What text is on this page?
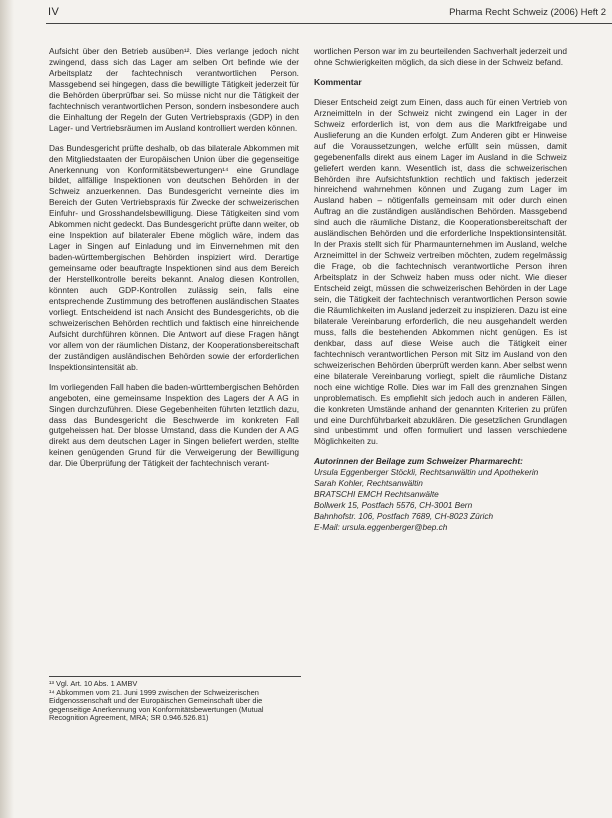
IV	Pharma Recht Schweiz (2006) Heft 2

Aufsicht über den Betrieb ausüben¹². Dies verlange jedoch nicht zwingend, dass sich das Lager am selben Ort befinde wie der Arbeitsplatz der fachtechnisch verantwortlichen Person. Massgebend sei hingegen, dass die bewilligte Tätigkeit jederzeit für die Behörden überprüfbar sei. So müsse nicht nur die Tätigkeit der fachtechnisch verantwortlichen Person, sondern insbesondere auch die Einhaltung der Regeln der Guten Vertriebspraxis (GDP) in den Lager- und Vertriebsräumen im Ausland kontrolliert werden können.

Das Bundesgericht prüfte deshalb, ob das bilaterale Abkommen mit den Mitgliedstaaten der Europäischen Union über die gegenseitige Anerkennung von Konformitätsbewertungen¹⁴ eine Grundlage bildet, allfällige Inspektionen von deutschen Behörden in der Schweiz anzuerkennen. Das Bundesgericht verneinte dies im Bereich der Guten Vertriebspraxis für Zwecke der schweizerischen Einfuhr- und Grosshandelsbewilligung. Diese Tätigkeiten sind vom Abkommen nicht gedeckt. Das Bundesgericht prüfte dann weiter, ob eine Inspektion auf bilateraler Ebene möglich wäre, indem das Lager in Singen auf Einladung und im Einvernehmen mit den baden-württembergischen Behörden inspiziert wird. Derartige gemeinsame oder beauftragte Inspektionen sind aus dem Bereich der Herstellkontrolle bereits bekannt. Analog diesen Kontrollen, könnten auch GDP-Kontrollen zulässig sein, falls eine entsprechende Zustimmung des betroffenen ausländischen Staates vorliegt. Entscheidend ist nach Ansicht des Bundesgerichts, ob die schweizerischen Behörden rechtlich und faktisch eine hinreichende Aufsicht durchführen können. Die Antwort auf diese Fragen hängt vor allem von der räumlichen Distanz, der Kooperationsbereitschaft der zuständigen ausländischen Behörden sowie der erforderlichen Inspektionsintensität ab.

Im vorliegenden Fall haben die baden-württembergischen Behörden angeboten, eine gemeinsame Inspektion des Lagers der A AG in Singen durchzuführen. Diese Gegebenheiten führten letztlich dazu, dass das Bundesgericht die Beschwerde im konkreten Fall gutgeheissen hat. Der blosse Umstand, dass die Kunden der A AG direkt aus dem deutschen Lager in Singen beliefert werden, stellte keinen genügenden Grund für die Verweigerung der Bewilligung dar. Die Überprüfung der Tätigkeit der fachtechnisch verant-

¹³ Vgl. Art. 10 Abs. 1 AMBV

¹⁴ Abkommen vom 21. Juni 1999 zwischen der Schweizerischen Eidgenossenschaft und der Europäischen Gemeinschaft über die gegenseitige Anerkennung von Konformitätsbewertungen (Mutual Recognition Agreement, MRA; SR 0.946.526.81)

wortlichen Person war im zu beurteilenden Sachverhalt jederzeit und ohne Schwierigkeiten möglich, da sich diese in der Schweiz befand.

Kommentar

Dieser Entscheid zeigt zum Einen, dass auch für einen Vertrieb von Arzneimitteln in der Schweiz nicht zwingend ein Lager in der Schweiz erforderlich ist, von dem aus die Marktfreigabe und Auslieferung an die Kunden erfolgt. Zum Anderen gibt er Hinweise auf die Voraussetzungen, welche erfüllt sein müssen, damit gegebenenfalls direkt aus einem Lager im Ausland in die Schweiz geliefert werden kann. Wesentlich ist, dass die schweizerischen Behörden ihre Aufsichtsfunktion rechtlich und faktisch jederzeit hinreichend wahrnehmen können und Zugang zum Lager im Ausland haben – nötigenfalls gemeinsam mit oder durch einen Auftrag an die zuständigen ausländischen Behörden. Massgebend sind auch die räumliche Distanz, die Kooperationsbereitschaft der ausländischen Behörden und die erforderliche Inspektionsintensität. In der Praxis stellt sich für Pharmaunternehmen im Ausland, welche Arzneimittel in der Schweiz vertreiben möchten, zudem regelmässig die Frage, ob die fachtechnisch verantwortliche Person ihren Arbeitsplatz in der Schweiz haben muss oder nicht. Wie dieser Entscheid zeigt, müssen die schweizerischen Behörden in der Lage sein, die Tätigkeit der fachtechnisch verantwortlichen Person sowie die Räumlichkeiten im Ausland jederzeit zu inspizieren. Dazu ist eine bilaterale Vereinbarung erforderlich, die neu ausgehandelt werden muss, falls die bestehenden Abkommen nicht genügen. Es ist denkbar, dass auf diese Weise auch die Tätigkeit einer fachtechnisch verantwortlichen Person mit Sitz im Ausland von den schweizerischen Behörden überprüft werden kann. Aber selbst wenn eine bilaterale Vereinbarung vorliegt, spielt die räumliche Distanz noch eine wichtige Rolle. Dies war im Fall des grenznahen Singen unproblematisch. Es empfiehlt sich jedoch auch in anderen Fällen, die konkreten Umstände anhand der genannten Kriterien zu prüfen und eine Durchführbarkeit abzuklären. Die gesetzlichen Grundlagen sind unbestimmt und offen formuliert und lassen verschiedene Möglichkeiten zu.

Autorinnen der Beilage zum Schweizer Pharmarecht:

Ursula Eggenberger Stöckli, Rechtsanwältin und Apothekerin

Sarah Kohler, Rechtsanwältin

BRATSCHI EMCH Rechtsanwälte

Bollwerk 15, Postfach 5576, CH-3001 Bern

Bahnhofstr. 106, Postfach 7689, CH-8023 Zürich

E-Mail: ursula.eggenberger@bep.ch
